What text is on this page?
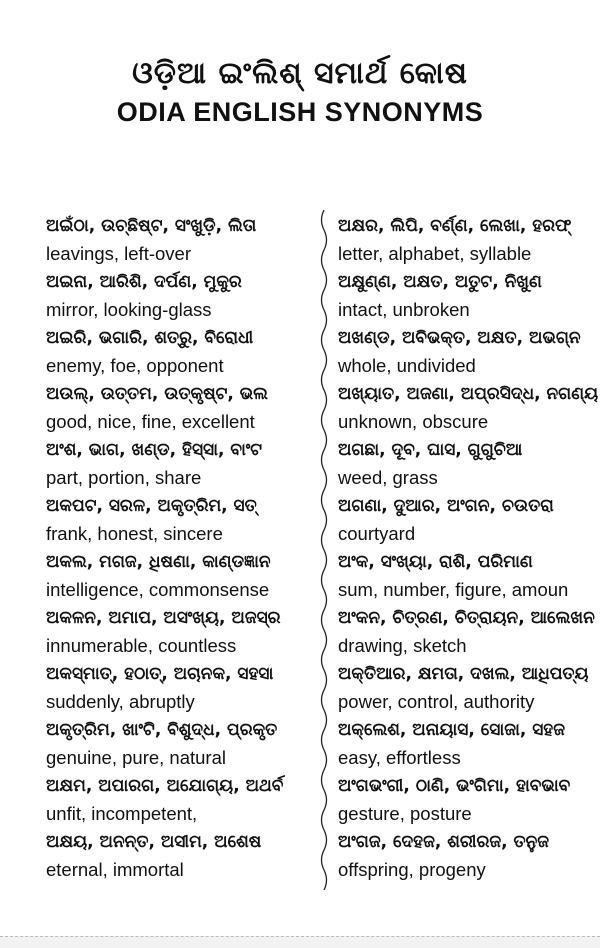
ଓଡ଼ିଆ ଇଂଲିଶ୍ ସମାର୍ଥ କୋଷ
ODIA ENGLISH SYNONYMS
ଅଇଁଠା, ଉଚ୍ଛିଷ୍ଟ, ସଂଖୁଡ଼ି, ଲିତା
leavings, left-over
ଅଇନା, ଆରିଶି, ଦର୍ପଣ, ମୁକୁର
mirror, looking-glass
ଅଇରି, ଭଗାରି, ଶତ୍ରୁ, ବିରୋଧୀ
enemy, foe, opponent
ଅଉଲ୍, ଉତ୍ତମ, ଉତ୍କୃଷ୍ଟ, ଭଲ
good, nice, fine, excellent
ଅଂଶ, ଭାଗ, ଖଣ୍ଡ, ହିସ୍ସା, ବାଂଟ
part, portion, share
ଅକପଟ, ସରଳ, ଅକୃତ୍ରିମ, ସତ୍
frank, honest, sincere
ଅକଲ, ମଗଜ, ଧିଷଣା, କାଣ୍ଡଜ୍ଞାନ
intelligence, commonsense
ଅକଳନ, ଅମାପ, ଅସଂଖ୍ୟ, ଅଜସ୍ର
innumerable, countless
ଅକସ୍ମାତ୍, ହଠାତ୍, ଅଚାନକ, ସହସା
suddenly, abruptly
ଅକୃତ୍ରିମ, ଖାଂଟି, ବିଶୁଦ୍ଧ, ପ୍ରକୃତ
genuine, pure, natural
ଅକ୍ଷମ, ଅପାରଗ, ଅଯୋଗ୍ୟ, ଅଥର୍ବ
unfit, incompetent,
ଅକ୍ଷୟ, ଅନନ୍ତ, ଅସୀମ, ଅଶେଷ
eternal, immortal
ଅକ୍ଷର, ଲିପି, ବର୍ଣ୍ଣ, ଲେଖା, ହରଫ୍
letter, alphabet, syllable
ଅକ୍ଷୁଣ୍ଣ, ଅକ୍ଷତ, ଅତୁଟ, ନିଖୁଣ
intact, unbroken
ଅଖଣ୍ଡ, ଅବିଭକ୍ତ, ଅକ୍ଷତ, ଅଭଗ୍ନ
whole, undivided
ଅଖ୍ୟାତ, ଅଜଣା, ଅପ୍ରସିଦ୍ଧ, ନଗଣ୍ୟ
unknown, obscure
ଅଗଛା, ଦୂବ, ଘାସ, ଗୁଗୁଚିଆ
weed, grass
ଅଗଣା, ଦୁଆର, ଅଂଗନ, ଚଉତରା
courtyard
ଅଂକ, ସଂଖ୍ୟା, ରାଶି, ପରିମାଣ
sum, number, figure, amoun
ଅଂକନ, ଚିତ୍ରଣ, ଚିତ୍ରାୟନ, ଆଲେଖନ
drawing, sketch
ଅକ୍ତିଆର, କ୍ଷମତା, ଦଖଲ, ଆଧିପତ୍ୟ
power, control, authority
ଅକ୍ଲେଶ, ଅନାୟାସ, ସୋଜା, ସହଜ
easy, effortless
ଅଂଗଭଂଗୀ, ଠାଣି, ଭଂଗିମା, ହାବଭାବ
gesture, posture
ଅଂଗଜ, ଦେହଜ, ଶରୀରଜ, ତନୁଜ
offspring, progeny
